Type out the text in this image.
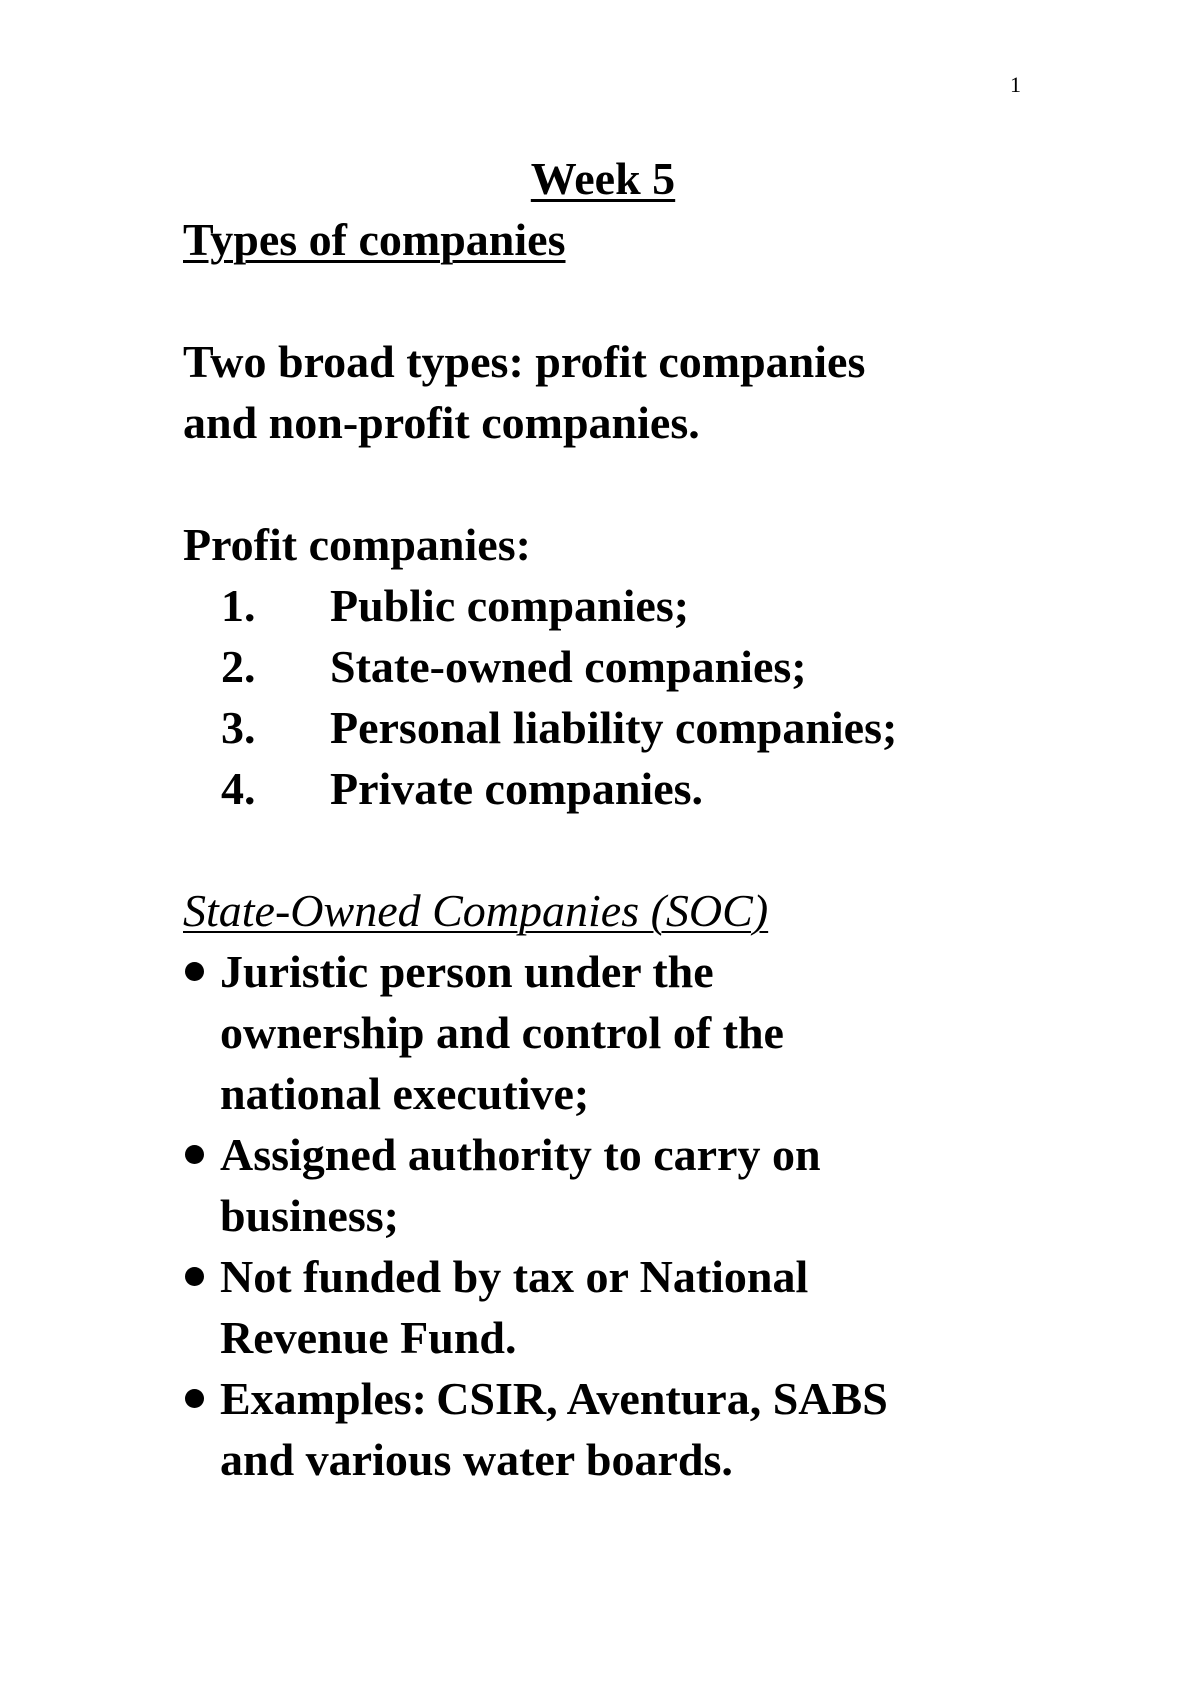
1
Week 5
Types of companies
Two broad types: profit companies
and non-profit companies.
Profit companies:
1. Public companies;
2. State-owned companies;
3. Personal liability companies;
4. Private companies.
State-Owned Companies (SOC)
Juristic person under the
ownership and control of the
national executive;
Assigned authority to carry on
business;
Not funded by tax or National
Revenue Fund.
Examples: CSIR, Aventura, SABS
and various water boards.
